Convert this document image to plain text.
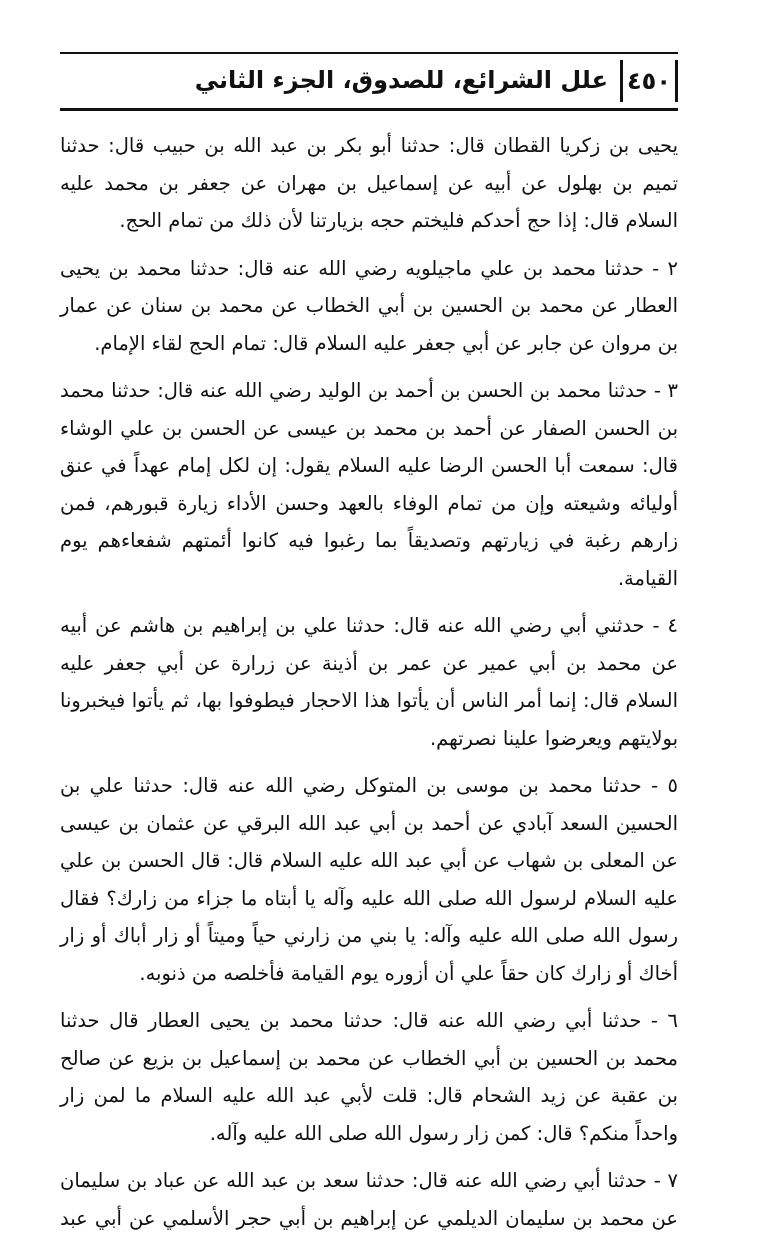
٤٥٠
علل الشرائع، للصدوق، الجزء الثاني

يحيى بن زكريا القطان قال: حدثنا أبو بكر بن عبد الله بن حبيب قال: حدثنا تميم بن بهلول عن أبيه عن إسماعيل بن مهران عن جعفر بن محمد عليه السلام قال: إذا حج أحدكم فليختم حجه بزيارتنا لأن ذلك من تمام الحج.

٢ - حدثنا محمد بن علي ماجيلويه رضي الله عنه قال: حدثنا محمد بن يحيى العطار عن محمد بن الحسين بن أبي الخطاب عن محمد بن سنان عن عمار بن مروان عن جابر عن أبي جعفر عليه السلام قال: تمام الحج لقاء الإمام.

٣ - حدثنا محمد بن الحسن بن أحمد بن الوليد رضي الله عنه قال: حدثنا محمد بن الحسن الصفار عن أحمد بن محمد بن عيسى عن الحسن بن علي الوشاء قال: سمعت أبا الحسن الرضا عليه السلام يقول: إن لكل إمام عهداً في عنق أوليائه وشيعته وإن من تمام الوفاء بالعهد وحسن الأداء زيارة قبورهم، فمن زارهم رغبة في زيارتهم وتصديقاً بما رغبوا فيه كانوا أئمتهم شفعاءهم يوم القيامة.

٤ - حدثني أبي رضي الله عنه قال: حدثنا علي بن إبراهيم بن هاشم عن أبيه عن محمد بن أبي عمير عن عمر بن أذينة عن زرارة عن أبي جعفر عليه السلام قال: إنما أمر الناس أن يأتوا هذا الاحجار فيطوفوا بها، ثم يأتوا فيخبرونا بولايتهم ويعرضوا علينا نصرتهم.

٥ - حدثنا محمد بن موسى بن المتوكل رضي الله عنه قال: حدثنا علي بن الحسين السعد آبادي عن أحمد بن أبي عبد الله البرقي عن عثمان بن عيسى عن المعلى بن شهاب عن أبي عبد الله عليه السلام قال: قال الحسن بن علي عليه السلام لرسول الله صلى الله عليه وآله يا أبتاه ما جزاء من زارك؟ فقال رسول الله صلى الله عليه وآله: يا بني من زارني حياً وميتاً أو زار أباك أو زار أخاك أو زارك كان حقاً علي أن أزوره يوم القيامة فأخلصه من ذنوبه.

٦ - حدثنا أبي رضي الله عنه قال: حدثنا محمد بن يحيى العطار قال حدثنا محمد بن الحسين بن أبي الخطاب عن محمد بن إسماعيل بن بزيع عن صالح بن عقبة عن زيد الشحام قال: قلت لأبي عبد الله عليه السلام ما لمن زار واحداً منكم؟ قال: كمن زار رسول الله صلى الله عليه وآله.

٧ - حدثنا أبي رضي الله عنه قال: حدثنا سعد بن عبد الله عن عباد بن سليمان عن محمد بن سليمان الديلمي عن إبراهيم بن أبي حجر الأسلمي عن أبي عبد
